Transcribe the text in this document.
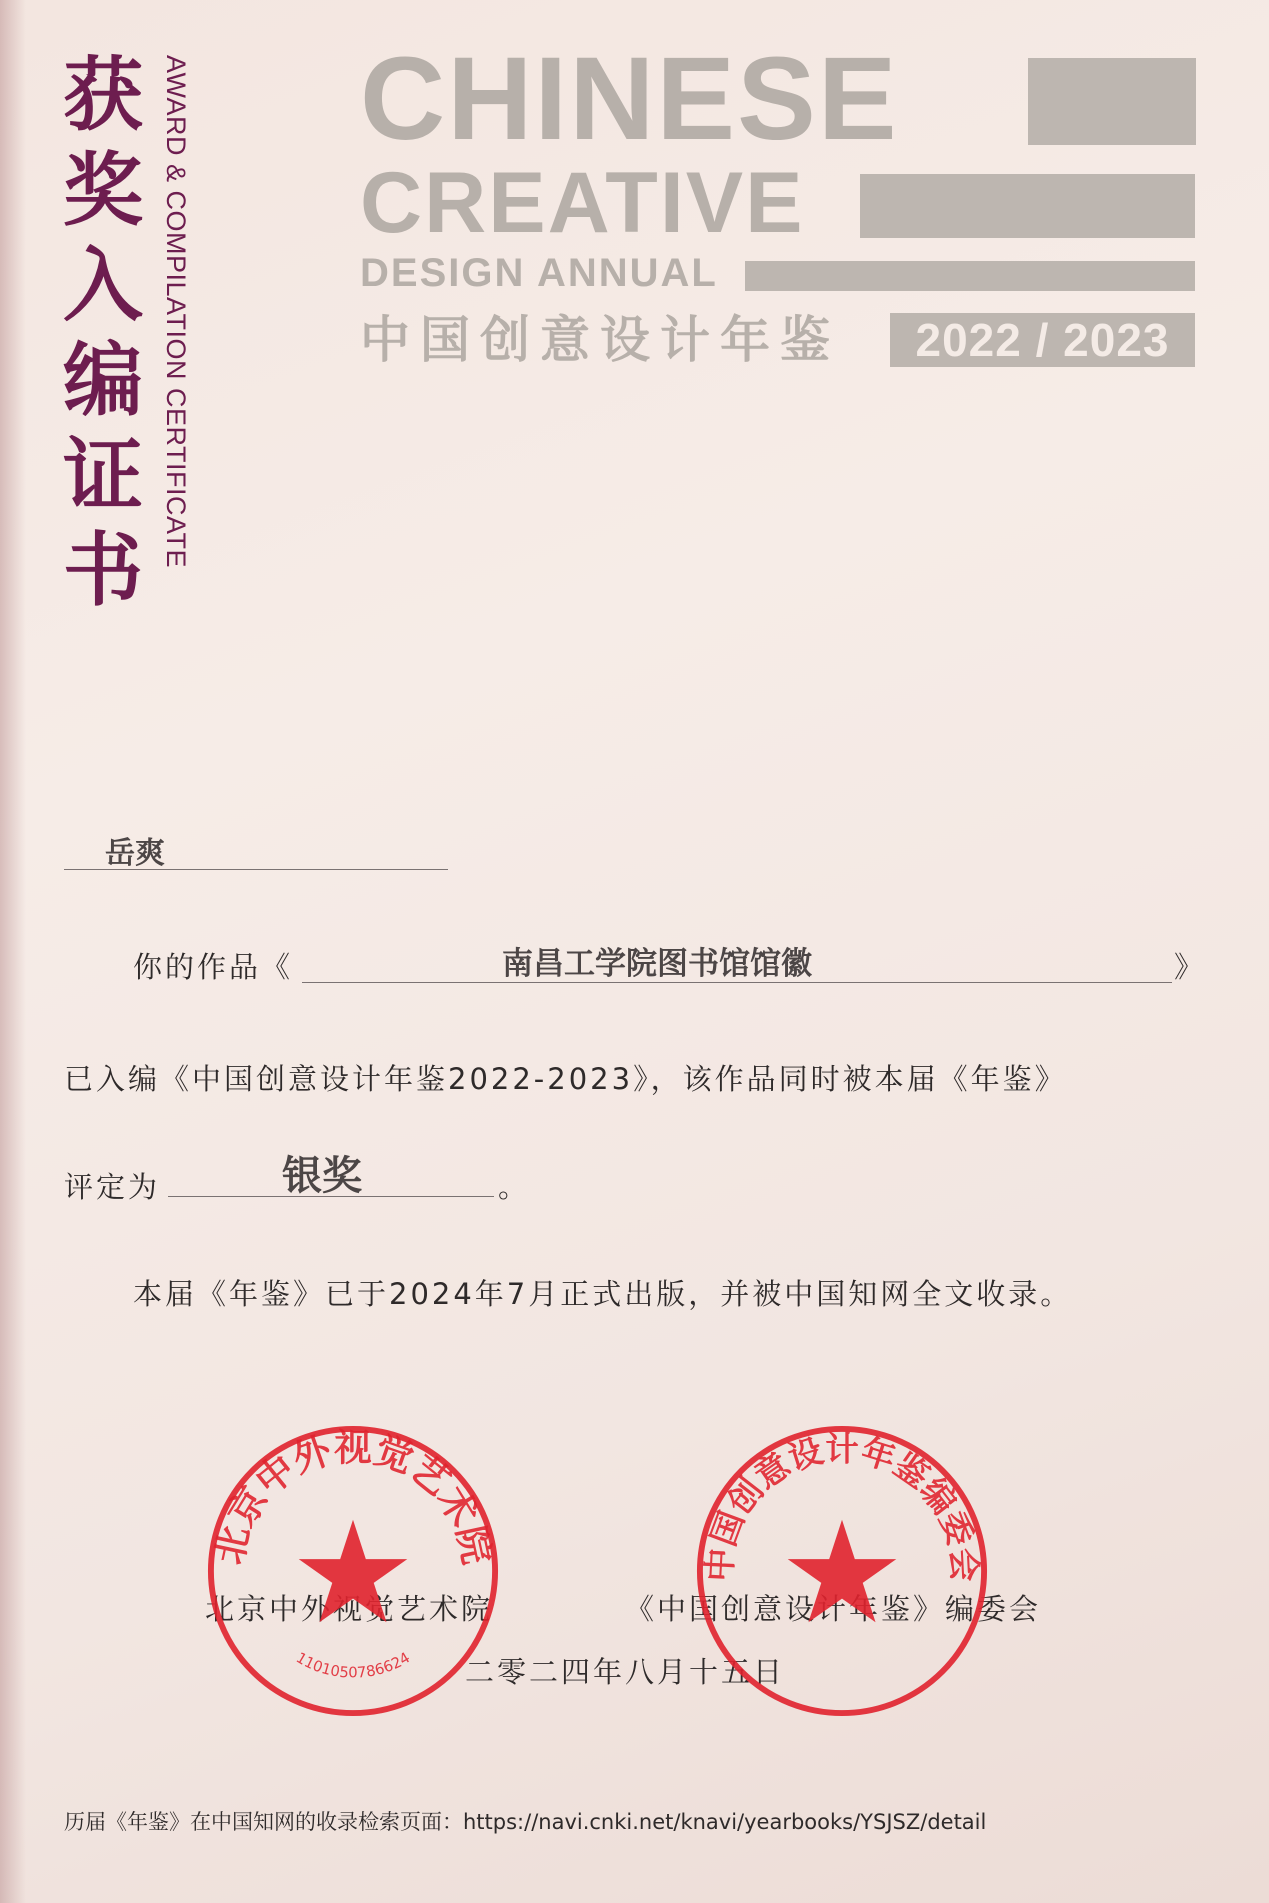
获
奖
入
编
证
书
AWARD & COMPILATION CERTIFICATE CHINESE
CREATIVE
DESIGN ANNUAL
中国创意设计年鉴	2022 / 2023
岳爽
你的作品《	南昌工学院图书馆馆徽	》
已入编《中国创意设计年鉴2022-2023》，该作品同时被本届《年鉴》
评定为	银奖	。
本届《年鉴》已于2024年7月正式出版，并被中国知网全文收录。
北京中外视觉艺术院	《中国创意设计年鉴》编委会
二零二四年八月十五日
北京中外视觉艺术院
1101050786624
中国创意设计年鉴编委会
历届《年鉴》在中国知网的收录检索页面：https://navi.cnki.net/knavi/yearbooks/YSJSZ/detail
